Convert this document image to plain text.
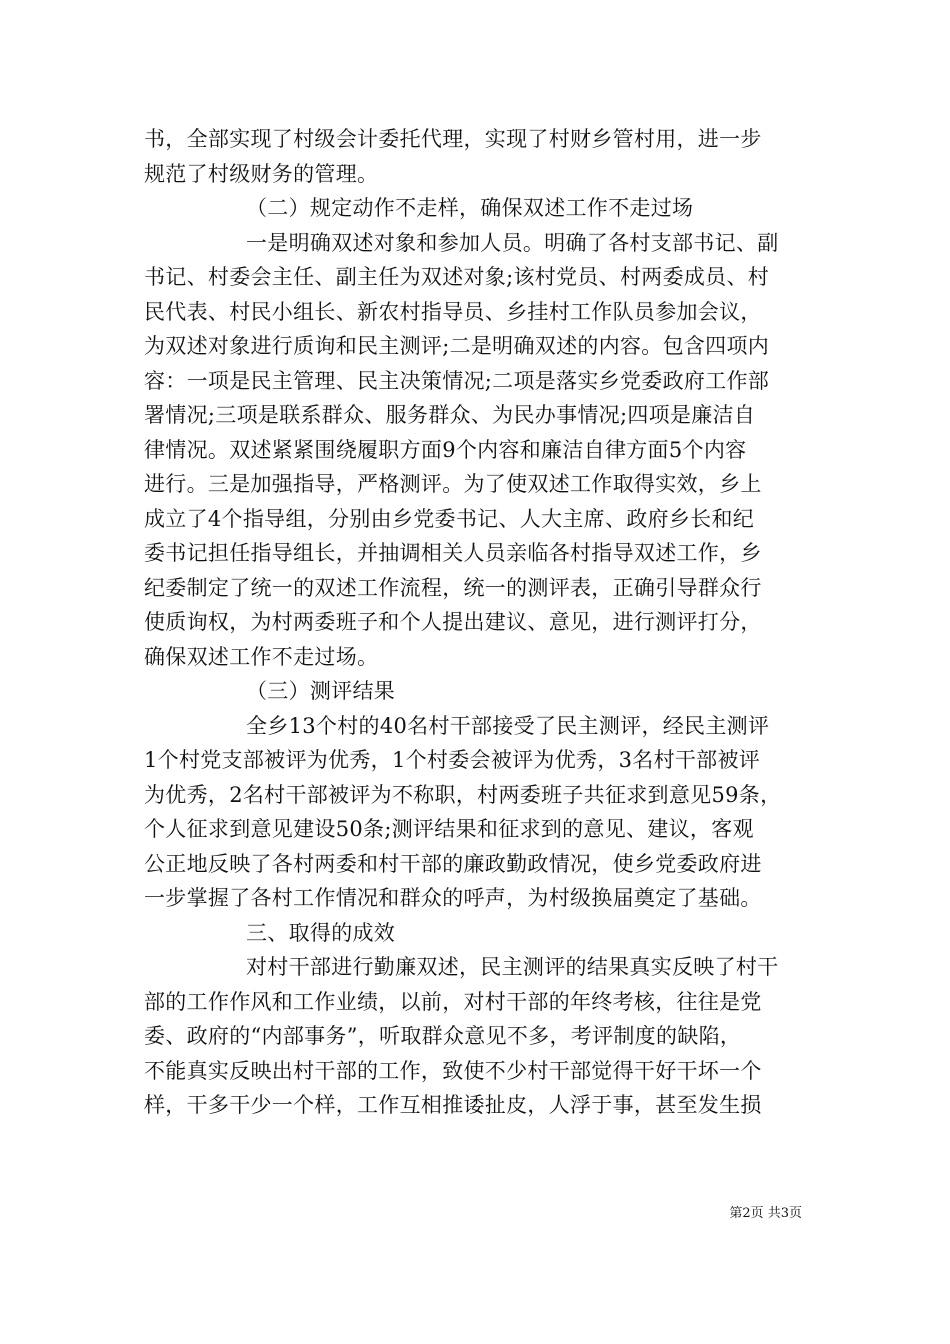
书，全部实现了村级会计委托代理，实现了村财乡管村用，进一步
规范了村级财务的管理。
（二）规定动作不走样，确保双述工作不走过场
一是明确双述对象和参加人员。明确了各村支部书记、副
书记、村委会主任、副主任为双述对象;该村党员、村两委成员、村
民代表、村民小组长、新农村指导员、乡挂村工作队员参加会议，
为双述对象进行质询和民主测评;二是明确双述的内容。包含四项内
容：一项是民主管理、民主决策情况;二项是落实乡党委政府工作部
署情况;三项是联系群众、服务群众、为民办事情况;四项是廉洁自
律情况。双述紧紧围绕履职方面9个内容和廉洁自律方面5个内容
进行。三是加强指导，严格测评。为了使双述工作取得实效，乡上
成立了4个指导组，分别由乡党委书记、人大主席、政府乡长和纪
委书记担任指导组长，并抽调相关人员亲临各村指导双述工作，乡
纪委制定了统一的双述工作流程，统一的测评表，正确引导群众行
使质询权，为村两委班子和个人提出建议、意见，进行测评打分，
确保双述工作不走过场。
（三）测评结果
全乡13个村的40名村干部接受了民主测评，经民主测评
1个村党支部被评为优秀，1个村委会被评为优秀，3名村干部被评
为优秀，2名村干部被评为不称职，村两委班子共征求到意见59条，
个人征求到意见建设50条;测评结果和征求到的意见、建议，客观
公正地反映了各村两委和村干部的廉政勤政情况，使乡党委政府进
一步掌握了各村工作情况和群众的呼声，为村级换届奠定了基础。
三、取得的成效
对村干部进行勤廉双述，民主测评的结果真实反映了村干
部的工作作风和工作业绩，以前，对村干部的年终考核，往往是党
委、政府的“内部事务”，听取群众意见不多，考评制度的缺陷，
不能真实反映出村干部的工作，致使不少村干部觉得干好干坏一个
样，干多干少一个样，工作互相推诿扯皮，人浮于事，甚至发生损
第2页 共3页
